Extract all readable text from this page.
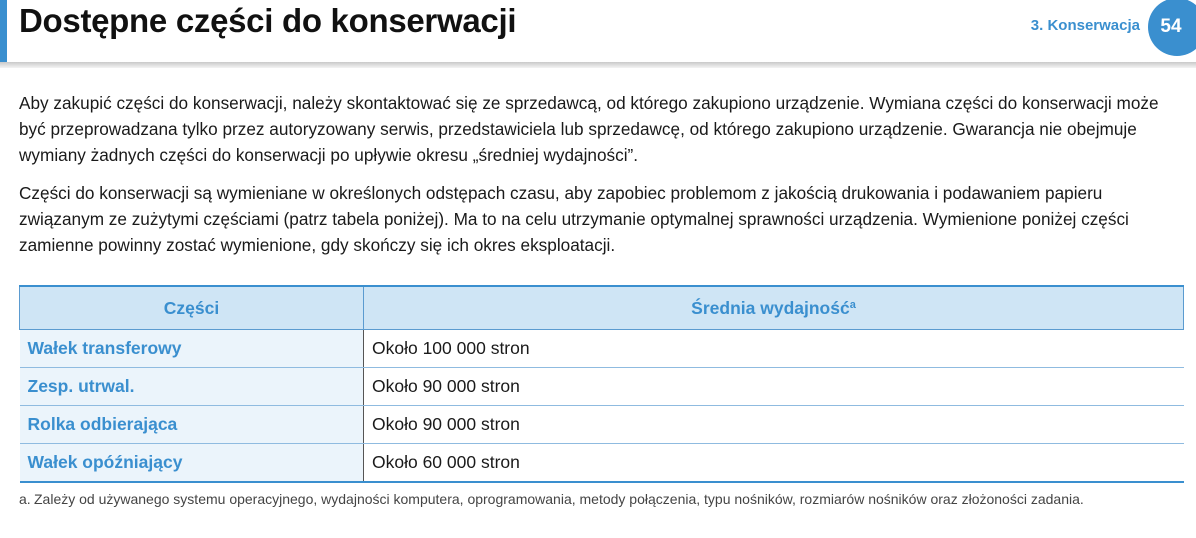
Dostępne części do konserwacji	3. Konserwacja	54

Aby zakupić części do konserwacji, należy skontaktować się ze sprzedawcą, od którego zakupiono urządzenie. Wymiana części do konserwacji może być przeprowadzana tylko przez autoryzowany serwis, przedstawiciela lub sprzedawcę, od którego zakupiono urządzenie. Gwarancja nie obejmuje wymiany żadnych części do konserwacji po upływie okresu „średniej wydajności”.

Części do konserwacji są wymieniane w określonych odstępach czasu, aby zapobiec problemom z jakością drukowania i podawaniem papieru związanym ze zużytymi częściami (patrz tabela poniżej). Ma to na celu utrzymanie optymalnej sprawności urządzenia. Wymienione poniżej części zamienne powinny zostać wymienione, gdy skończy się ich okres eksploatacji.

Części	Średnia wydajność$^a$
Wałek transferowy	Około 100 000 stron
Zesp. utrwal.	Około 90 000 stron
Rolka odbierająca	Około 90 000 stron
Wałek opóźniający	Około 60 000 stron
a. Zależy od używanego systemu operacyjnego, wydajności komputera, oprogramowania, metody połączenia, typu nośników, rozmiarów nośników oraz złożoności zadania.
